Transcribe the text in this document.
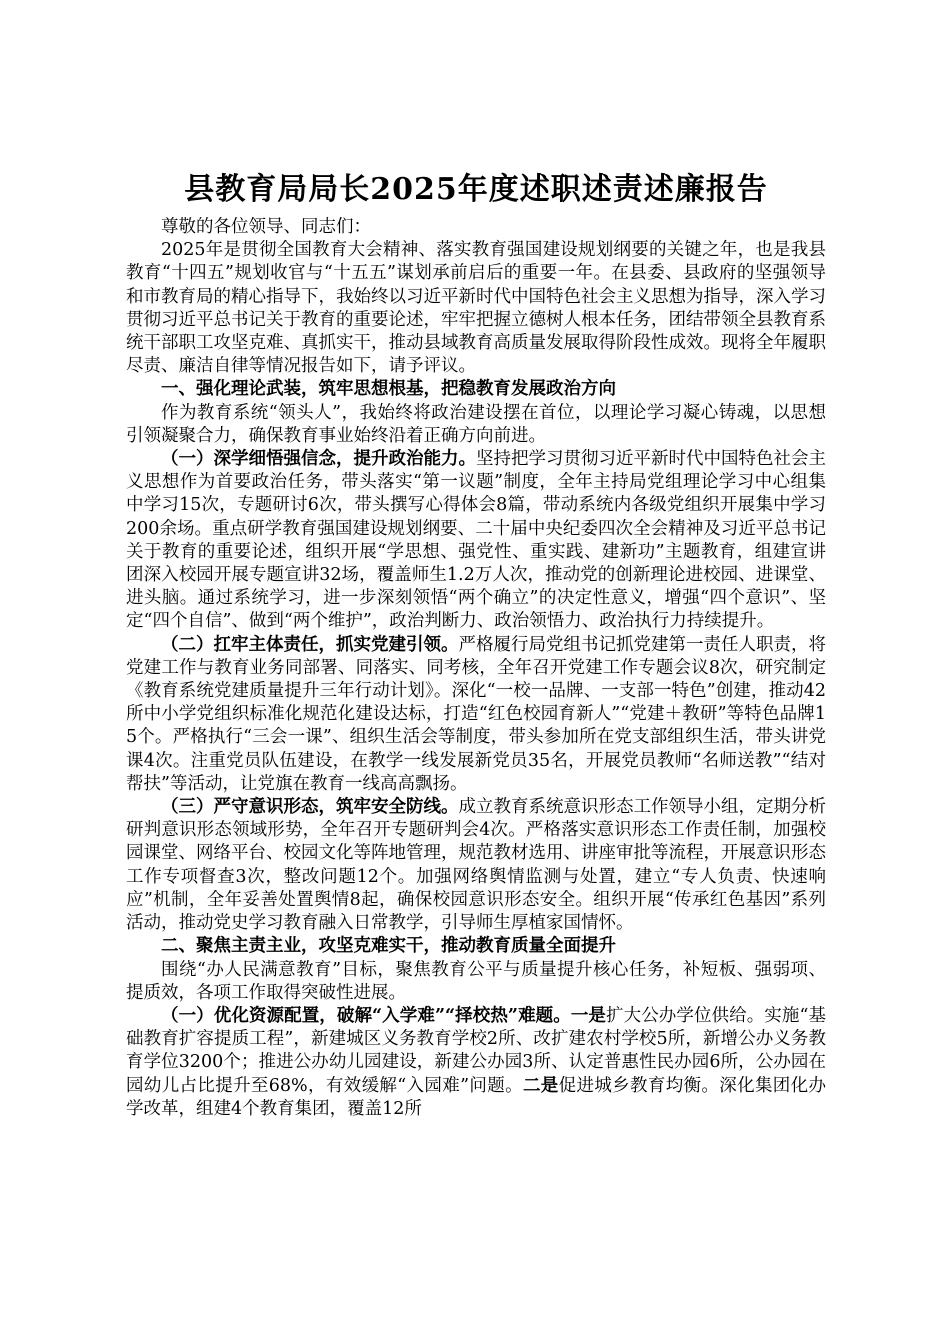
县教育局局长2025年度述职述责述廉报告

尊敬的各位领导、同志们：

2025年是贯彻全国教育大会精神、落实教育强国建设规划纲要的关键之年，也是我县教育“十四五”规划收官与“十五五”谋划承前启后的重要一年。在县委、县政府的坚强领导和市教育局的精心指导下，我始终以习近平新时代中国特色社会主义思想为指导，深入学习贯彻习近平总书记关于教育的重要论述，牢牢把握立德树人根本任务，团结带领全县教育系统干部职工攻坚克难、真抓实干，推动县域教育高质量发展取得阶段性成效。现将全年履职尽责、廉洁自律等情况报告如下，请予评议。

一、强化理论武装，筑牢思想根基，把稳教育发展政治方向

作为教育系统“领头人”，我始终将政治建设摆在首位，以理论学习凝心铸魂，以思想引领凝聚合力，确保教育事业始终沿着正确方向前进。

（一）深学细悟强信念，提升政治能力。坚持把学习贯彻习近平新时代中国特色社会主义思想作为首要政治任务，带头落实“第一议题”制度，全年主持局党组理论学习中心组集中学习15次，专题研讨6次，带头撰写心得体会8篇，带动系统内各级党组织开展集中学习200余场。重点研学教育强国建设规划纲要、二十届中央纪委四次全会精神及习近平总书记关于教育的重要论述，组织开展“学思想、强党性、重实践、建新功”主题教育，组建宣讲团深入校园开展专题宣讲32场，覆盖师生1.2万人次，推动党的创新理论进校园、进课堂、进头脑。通过系统学习，进一步深刻领悟“两个确立”的决定性意义，增强“四个意识”、坚定“四个自信”、做到“两个维护”，政治判断力、政治领悟力、政治执行力持续提升。

（二）扛牢主体责任，抓实党建引领。严格履行局党组书记抓党建第一责任人职责，将党建工作与教育业务同部署、同落实、同考核，全年召开党建工作专题会议8次，研究制定《教育系统党建质量提升三年行动计划》。深化“一校一品牌、一支部一特色”创建，推动42所中小学党组织标准化规范化建设达标，打造“红色校园育新人”“党建＋教研”等特色品牌15个。严格执行“三会一课”、组织生活会等制度，带头参加所在党支部组织生活，带头讲党课4次。注重党员队伍建设，在教学一线发展新党员35名，开展党员教师“名师送教”“结对帮扶”等活动，让党旗在教育一线高高飘扬。

（三）严守意识形态，筑牢安全防线。成立教育系统意识形态工作领导小组，定期分析研判意识形态领域形势，全年召开专题研判会4次。严格落实意识形态工作责任制，加强校园课堂、网络平台、校园文化等阵地管理，规范教材选用、讲座审批等流程，开展意识形态工作专项督查3次，整改问题12个。加强网络舆情监测与处置，建立“专人负责、快速响应”机制，全年妥善处置舆情8起，确保校园意识形态安全。组织开展“传承红色基因”系列活动，推动党史学习教育融入日常教学，引导师生厚植家国情怀。

二、聚焦主责主业，攻坚克难实干，推动教育质量全面提升

围绕“办人民满意教育”目标，聚焦教育公平与质量提升核心任务，补短板、强弱项、提质效，各项工作取得突破性进展。

（一）优化资源配置，破解“入学难”“择校热”难题。一是扩大公办学位供给。实施“基础教育扩容提质工程”，新建城区义务教育学校2所、改扩建农村学校5所，新增公办义务教育学位3200个；推进公办幼儿园建设，新建公办园3所、认定普惠性民办园6所，公办园在园幼儿占比提升至68%，有效缓解“入园难”问题。二是促进城乡教育均衡。深化集团化办学改革，组建4个教育集团，覆盖12所
